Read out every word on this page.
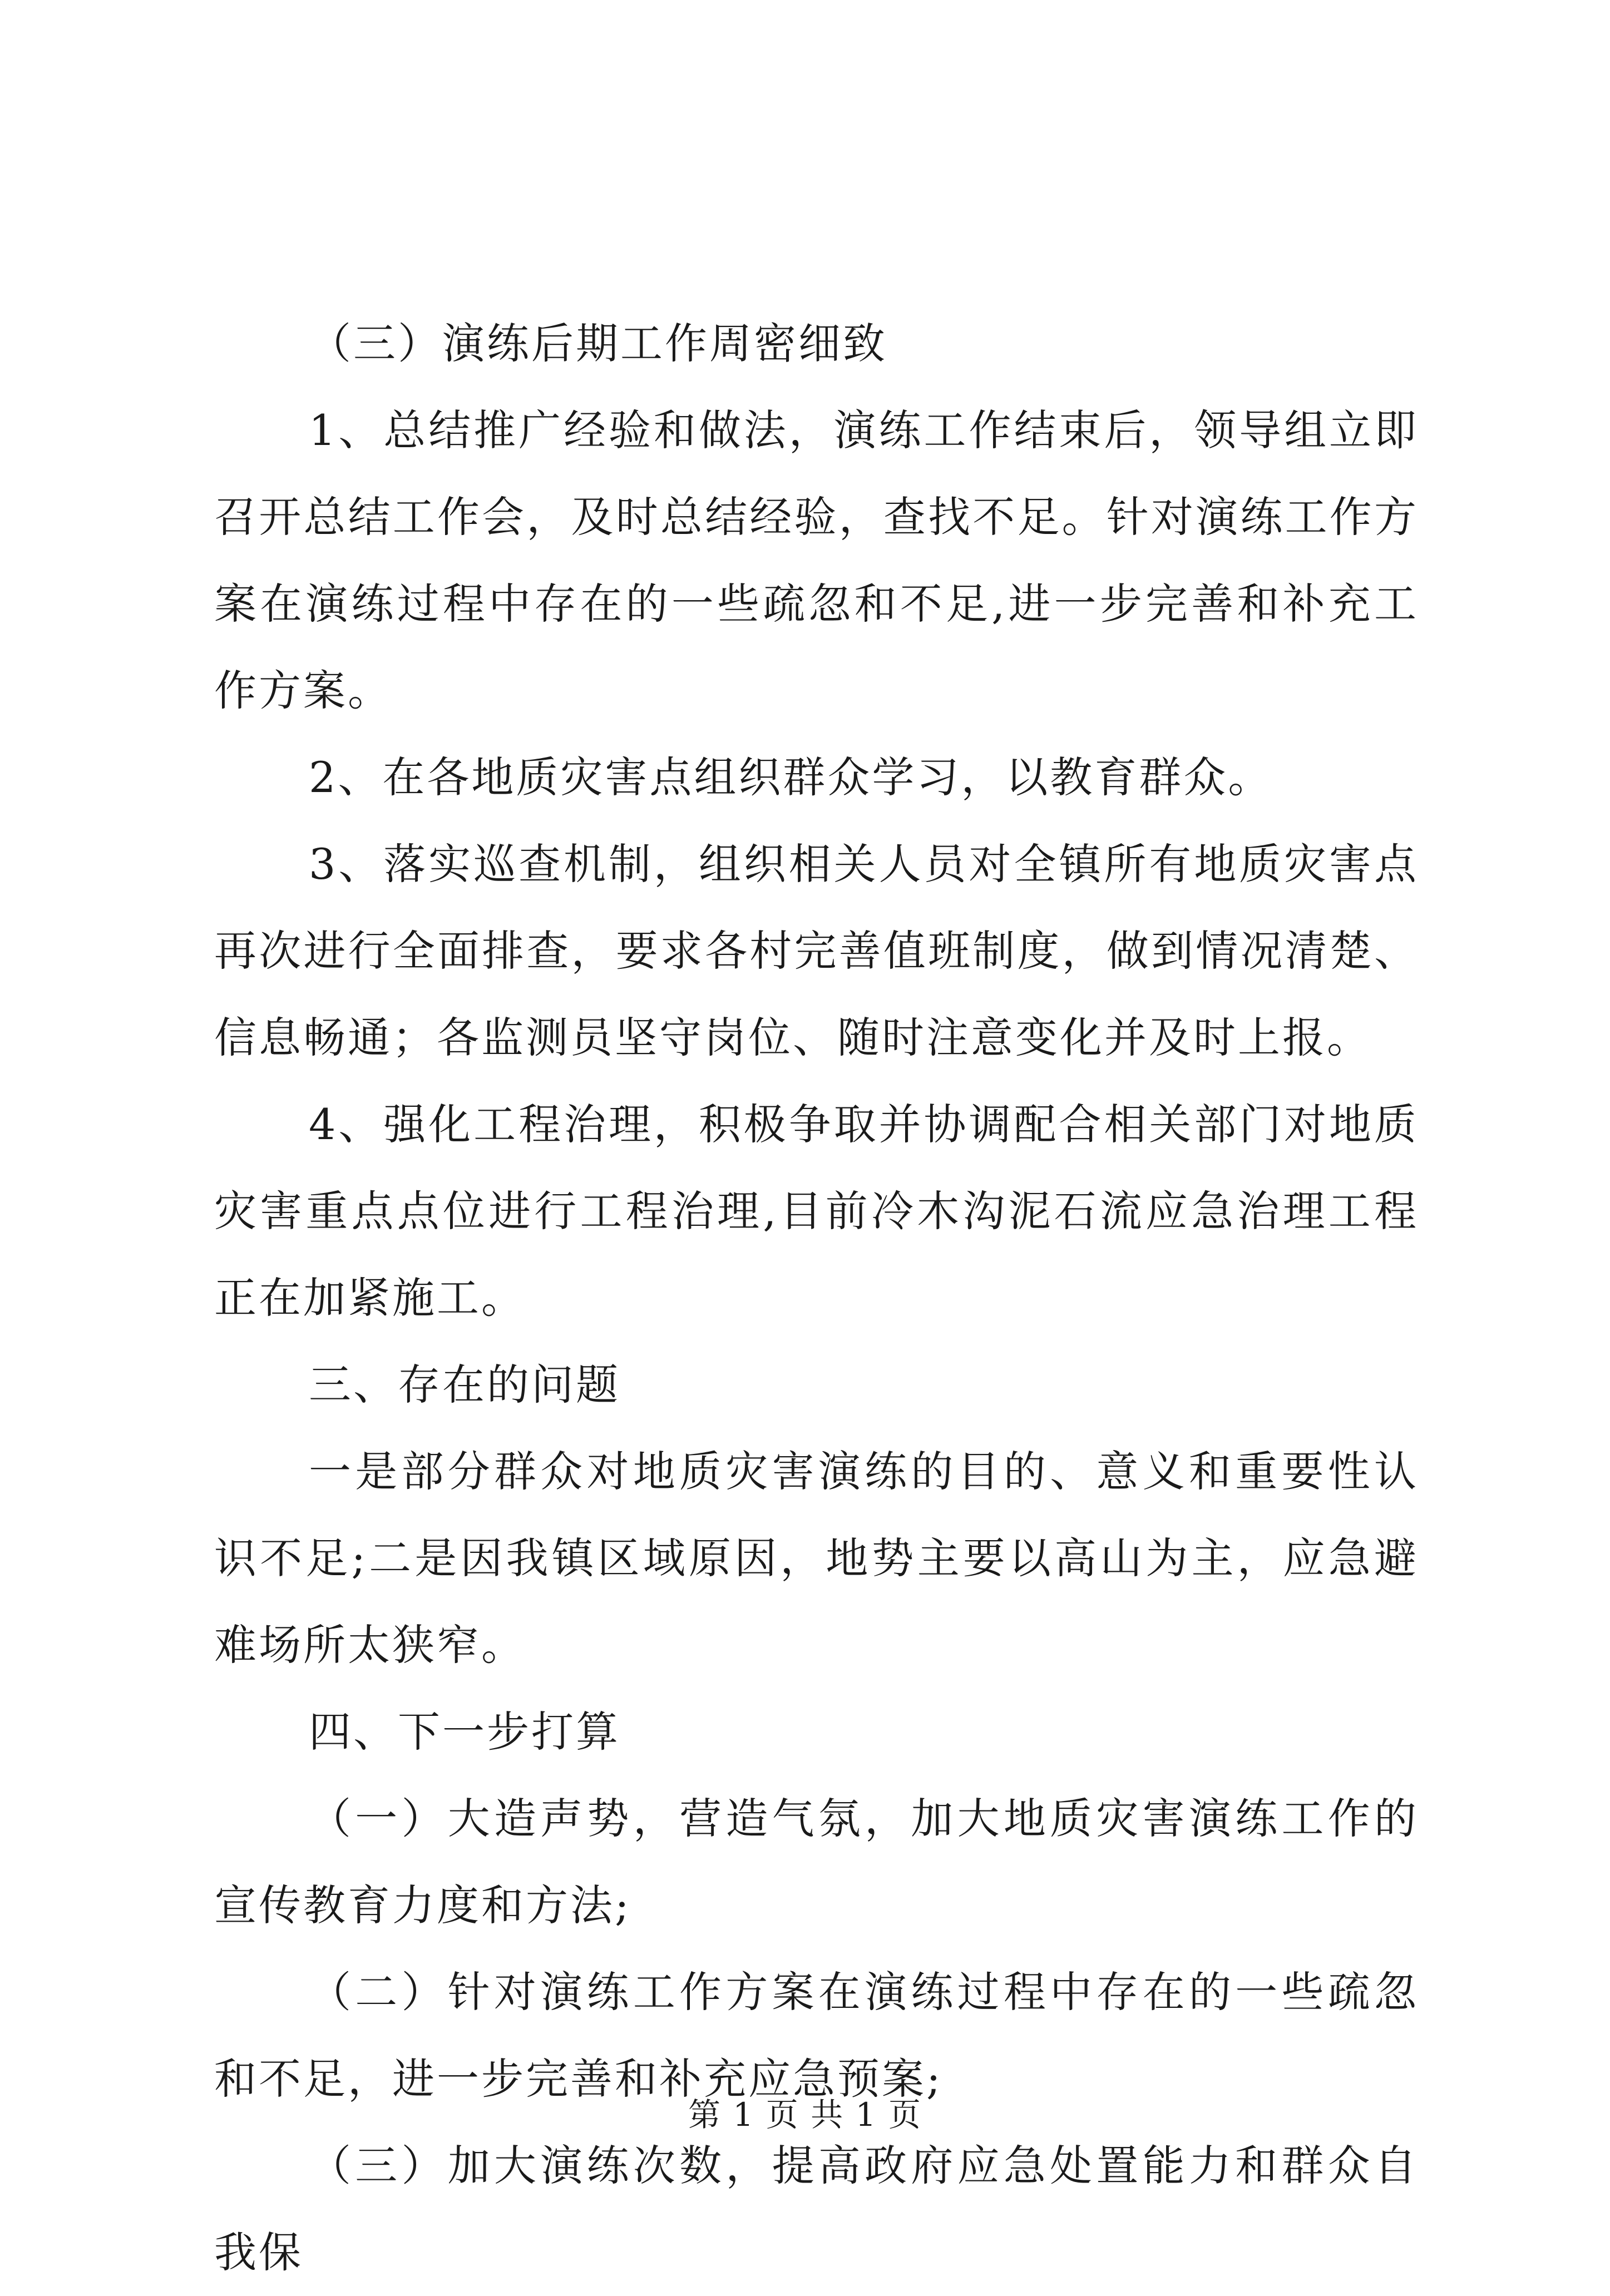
（三）演练后期工作周密细致

1、总结推广经验和做法，演练工作结束后，领导组立即召开总结工作会，及时总结经验，查找不足。针对演练工作方案在演练过程中存在的一些疏忽和不足,进一步完善和补充工作方案。

2、在各地质灾害点组织群众学习，以教育群众。

3、落实巡查机制，组织相关人员对全镇所有地质灾害点再次进行全面排查，要求各村完善值班制度，做到情况清楚、信息畅通；各监测员坚守岗位、随时注意变化并及时上报。

4、强化工程治理，积极争取并协调配合相关部门对地质灾害重点点位进行工程治理,目前冷木沟泥石流应急治理工程正在加紧施工。

三、存在的问题

一是部分群众对地质灾害演练的目的、意义和重要性认识不足;二是因我镇区域原因，地势主要以高山为主，应急避难场所太狭窄。

四、下一步打算

（一）大造声势，营造气氛，加大地质灾害演练工作的宣传教育力度和方法;

（二）针对演练工作方案在演练过程中存在的一些疏忽和不足，进一步完善和补充应急预案;

（三）加大演练次数，提高政府应急处置能力和群众自我保

第 1 页 共 1 页
